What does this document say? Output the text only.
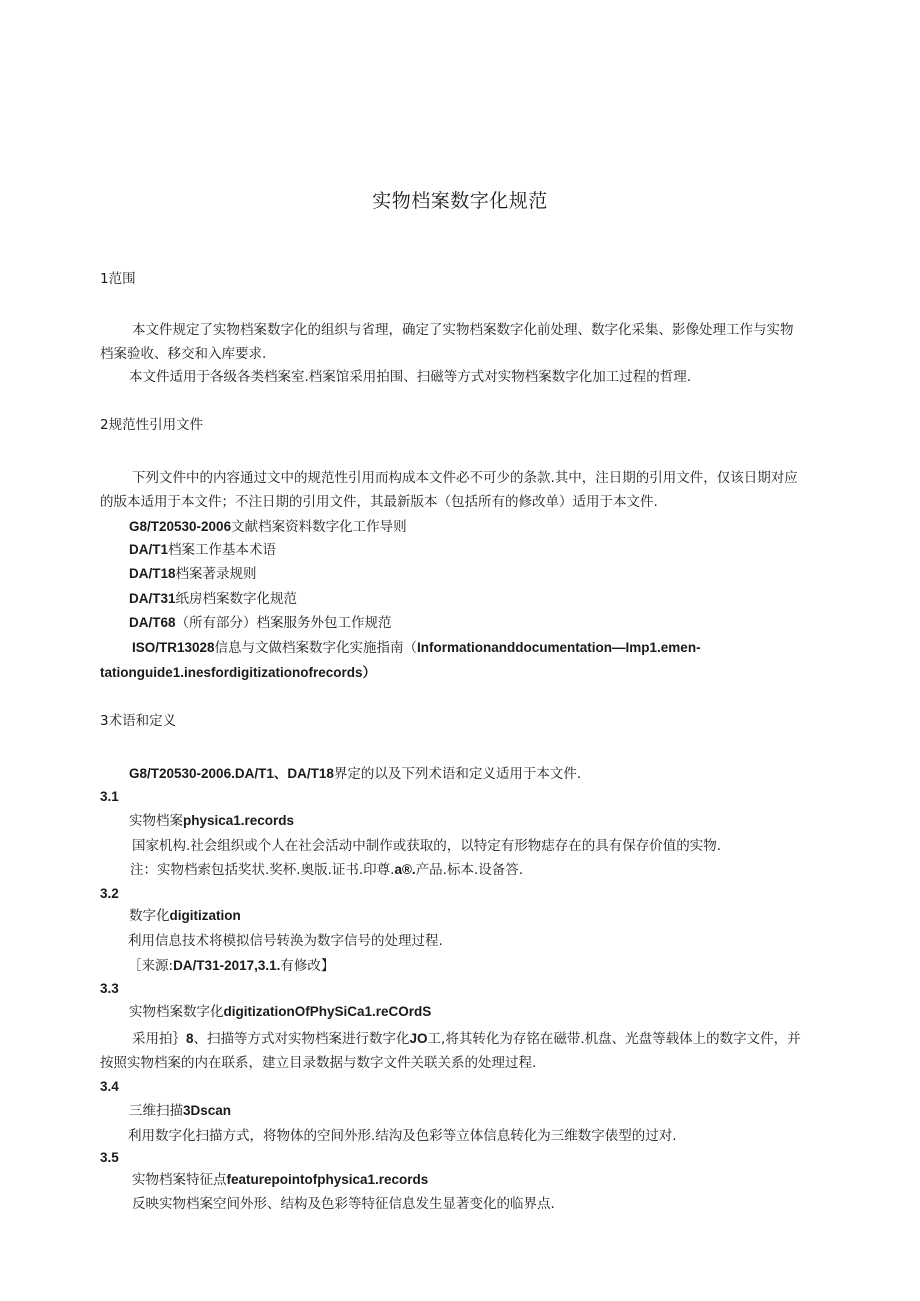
实物档案数字化规范
1范围
本文件规定了实物档案数字化的组织与省理，确定了实物档案数字化前处理、数字化采集、影像处理工作与实物
档案验收、移交和入库要求.
本文件适用于各级各类档案室.档案馆采用拍围、扫磁等方式对实物档案数字化加工过程的哲理.
2规范性引用文件
下列文件中的内容通过文中的规范性引用而构成本文件必不可少的条款.其中，注日期的引用文件，仅该日期对应
的版本适用于本文件；不注日期的引用文件，其最新版本（包括所有的修改单）适用于本文件.
G8/T20530-2006文献档案资料数字化工作导则
DA/T1档案工作基本术语
DA/T18档案著录规则
DA/T31纸房档案数字化规范
DA/T68（所有部分）档案服务外包工作规范
ISO/TR13028信息与文做档案数字化实施指南（Informationanddocumentation—Imp1.emen-
tationguide1.inesfordigitizationofrecords）
3术语和定义
G8/T20530-2006.DA/T1、DA/T18界定的以及下列术语和定义适用于本文件.
3.1
实物档案physica1.records
国家机构.社会组织或个人在社会活动中制作或获取的，以特定有形物痣存在的具有保存价值的实物.
注：实物档索包括奖状.奖杯.奥版.证书.印尊.a®.产品.标本.设备答.
3.2
数字化digitization
利用信息技术将模拟信号转涣为数字信号的处理过程.
［来源:DA/T31-2017,3.1.有修改】
3.3
实物档案数字化digitizationOfPhySiCa1.reCOrdS
采用拍｝8、扫描等方式对实物档案进行数字化JO工,将其转化为存铭在磁带.机盘、光盘等载体上的数字文件，并
按照实物档案的内在联系，建立目录数据与数字文件关联关系的处理过程.
3.4
三维扫描3Dscan
利用数字化扫描方式，将物体的空间外形.结沟及色彩等立体信息转化为三维数字俵型的过对.
3.5
实物档案特征点featurepointofphysica1.records
反映实物档案空间外形、结构及色彩等特征信息发生显著变化的临界点.
